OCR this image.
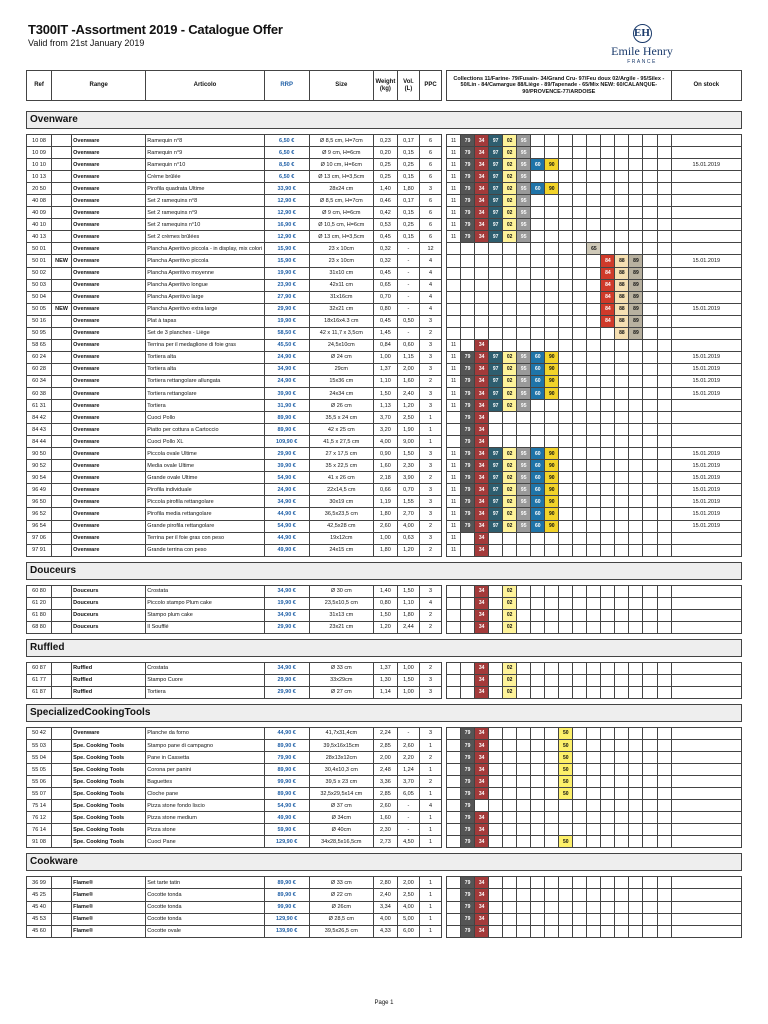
T300IT -Assortment 2019 - Catalogue Offer
Valid from 21st January 2019
EH
Emile Henry
FRANCE
Ref	Range		Articolo	RRP	Size	Weight (kg)	Vol. (L)	PPC		Collections 11/Farine- 79/Fusain- 34/Grand Cru- 97/Feu doux 02/Argile - 95/Silex - 50/Lin - 84/Camargue 88/Liège - 89/Tapenade - 65/Mix NEW: 60/CALANQUE-90/PROVENCE-77/ARDOISE																On stock

Ovenware																										

10 08		Ovenware	Ramequin n°8	6,50 €	Ø 8,5 cm, H=7cm	0,23	0,17	6		11	79	34	97	02	95											
10 09		Ovenware	Ramequin n°9	6,50 €	Ø 9 cm, H=6cm	0,20	0,15	6		11	79	34	97	02	95											
10 10		Ovenware	Ramequin n°10	8,50 €	Ø 10 cm, H=6cm	0,25	0,25	6		11	79	34	97	02	95	60	90									15.01.2019
10 13		Ovenware	Crème brûlée	6,50 €	Ø 13 cm, H=3,5cm	0,25	0,15	6		11	79	34	97	02	95											
20 50		Ovenware	Pirofila quadrata Ultime	33,90 €	28x24 cm	1,40	1,80	3		11	79	34	97	02	95	60	90									
40 08		Ovenware	Set 2 ramequins n°8	12,90 €	Ø 8,5 cm, H=7cm	0,46	0,17	6		11	79	34	97	02	95											
40 09		Ovenware	Set 2 ramequins n°9	12,90 €	Ø 9 cm, H=6cm	0,42	0,15	6		11	79	34	97	02	95											
40 10		Ovenware	Set 2 ramequins n°10	16,90 €	Ø 10,5 cm, H=6cm	0,53	0,25	6		11	79	34	97	02	95											
40 13		Ovenware	Set 2 crèmes brûlées	12,90 €	Ø 13 cm, H=3,5cm	0,45	0,15	6		11	79	34	97	02	95											
50 01		Ovenware	Plancha Aperitivo piccola - in display, mix colori	15,90 €	23 x 10cm	0,32	-	12												65						
50 01	NEW	Ovenware	Plancha Aperitivo piccola	15,90 €	23 x 10cm	0,32	-	4													84	88	89			15.01.2019
50 02		Ovenware	Plancha Aperitivo moyenne	19,90 €	31x10 cm	0,45	-	4													84	88	89			
50 03		Ovenware	Plancha Aperitivo longue	23,90 €	42x11 cm	0,65	-	4													84	88	89			
50 04		Ovenware	Plancha Aperitivo large	27,90 €	31x16cm	0,70	-	4													84	88	89			
50 05	NEW	Ovenware	Plancha Aperitivo extra large	29,90 €	32x21 cm	0,80	-	4													84	88	89			15.01.2019
50 16		Ovenware	Plat à tapas	19,90 €	18x16x4.3 cm	0,45	0,50	3													84	88	89			
50 95		Ovenware	Set de 3 planches - Liège	58,50 €	42 x 11,7 x 3,5cm	1,45	-	2														88	89			
58 65		Ovenware	Terrina per il medaglione di foie gras	45,50 €	24,5x10cm	0,84	0,60	3		11		34														
60 24		Ovenware	Tortiera alta	24,90 €	Ø 24 cm	1,00	1,15	3		11	79	34	97	02	95	60	90									15.01.2019
60 28		Ovenware	Tortiera alta	34,90 €	29cm	1,37	2,00	3		11	79	34	97	02	95	60	90									15.01.2019
60 34		Ovenware	Tortiera rettangolare allungata	24,90 €	15x36 cm	1,10	1,60	2		11	79	34	97	02	95	60	90									15.01.2019
60 38		Ovenware	Tortiera rettangolare	39,90 €	24x34 cm	1,50	2,40	3		11	79	34	97	02	95	60	90									15.01.2019
61 31		Ovenware	Tortiera	31,90 €	Ø 26 cm	1,13	1,20	3		11	79	34	97	02	95											
84 42		Ovenware	Cuoci Pollo	89,90 €	35,5 x 24 cm	3,70	2,50	1			79	34														
84 43		Ovenware	Piatto per cottura a Cartoccio	89,90 €	42 x 25 cm	3,20	1,90	1			79	34														
84 44		Ovenware	Cuoci Pollo XL	109,90 €	41,5 x 27,5 cm	4,00	9,00	1			79	34														
90 50		Ovenware	Piccola ovale Ultime	29,90 €	27 x 17,5 cm	0,90	1,50	3		11	79	34	97	02	95	60	90									15.01.2019
90 52		Ovenware	Media ovale Ultime	39,90 €	35 x 22,5 cm	1,60	2,30	3		11	79	34	97	02	95	60	90									15.01.2019
90 54		Ovenware	Grande ovale Ultime	54,90 €	41 x 26 cm	2,18	3,90	2		11	79	34	97	02	95	60	90									15.01.2019
96 49		Ovenware	Pirofila individuale	24,90 €	22x14,5 cm	0,66	0,70	3		11	79	34	97	02	95	60	90									15.01.2019
96 50		Ovenware	Piccola pirofila rettangolare	34,90 €	30x19 cm	1,19	1,55	3		11	79	34	97	02	95	60	90									15.01.2019
96 52		Ovenware	Pirofila media rettangolare	44,90 €	36,5x23,5 cm	1,80	2,70	3		11	79	34	97	02	95	60	90									15.01.2019
96 54		Ovenware	Grande pirofila rettangolare	54,90 €	42,5x28 cm	2,60	4,00	2		11	79	34	97	02	95	60	90									15.01.2019
97 06		Ovenware	Terrina per il foie gras con peso	44,90 €	19x12cm	1,00	0,63	3		11		34														
97 91		Ovenware	Grande terrina con peso	49,90 €	24x15 cm	1,80	1,20	2		11		34														

Douceurs																										

60 80		Douceurs	Crostata	34,90 €	Ø 30 cm	1,40	1,50	3				34		02												
61 20		Douceurs	Piccolo stampo Plum cake	19,90 €	23,5x10,5 cm	0,80	1,10	4				34		02												
61 80		Douceurs	Stampo plum cake	34,90 €	31x13 cm	1,50	1,80	2				34		02												
68 80		Douceurs	Il Soufflé	29,90 €	23x21 cm	1,20	2,44	2				34		02												

Ruffled																										

60 87		Ruffled	Crostata	34,90 €	Ø 33 cm	1,37	1,00	2				34		02												
61 77		Ruffled	Stampo Cuore	29,90 €	33x29cm	1,30	1,50	3				34		02												
61 87		Ruffled	Tortiera	29,90 €	Ø 27 cm	1,14	1,00	3				34		02												

SpecializedCookingTools																										

50 42		Ovenware	Planche da forno	44,90 €	41,7x31,4cm	2,24	-	3			79	34						50								
55 03		Spe. Cooking Tools	Stampo pane di campagno	89,90 €	39,5x16x15cm	2,85	2,60	1			79	34						50								
55 04		Spe. Cooking Tools	Pane in Cassetta	79,90 €	28x13x12cm	2,00	2,20	2			79	34						50								
55 05		Spe. Cooking Tools	Corona per panini	89,90 €	30,4x10,3 cm	2,48	1,24	1			79	34						50								
55 06		Spe. Cooking Tools	Baguettes	99,90 €	39,5 x 23 cm	3,36	3,70	2			79	34						50								
55 07		Spe. Cooking Tools	Cloche pane	89,90 €	32,5x29,5x14 cm	2,85	6,05	1			79	34						50								
75 14		Spe. Cooking Tools	Pizza stone fondo liscio	54,90 €	Ø 37 cm	2,60	-	4			79															
76 12		Spe. Cooking Tools	Pizza stone medium	49,90 €	Ø 34cm	1,60	-	1			79	34														
76 14		Spe. Cooking Tools	Pizza stone	59,90 €	Ø 40cm	2,30	-	1			79	34														
91 08		Spe. Cooking Tools	Cuoci Pane	129,90 €	34x28,5x16,5cm	2,73	4,50	1			79	34						50								

Cookware																										

36 99		Flame®	Set tarte tatin	89,90 €	Ø 33 cm	2,80	2,00	1			79	34														
45 25		Flame®	Cocotte tonda	89,90 €	Ø 22 cm	2,40	2,50	1			79	34														
45 40		Flame®	Cocotte tonda	99,90 €	Ø 26cm	3,34	4,00	1			79	34														
45 53		Flame®	Cocotte tonda	129,90 €	Ø 28,5 cm	4,00	5,00	1			79	34														
45 60		Flame®	Cocotte ovale	139,90 €	39,5x26,5 cm	4,33	6,00	1			79	34														
Page 1
